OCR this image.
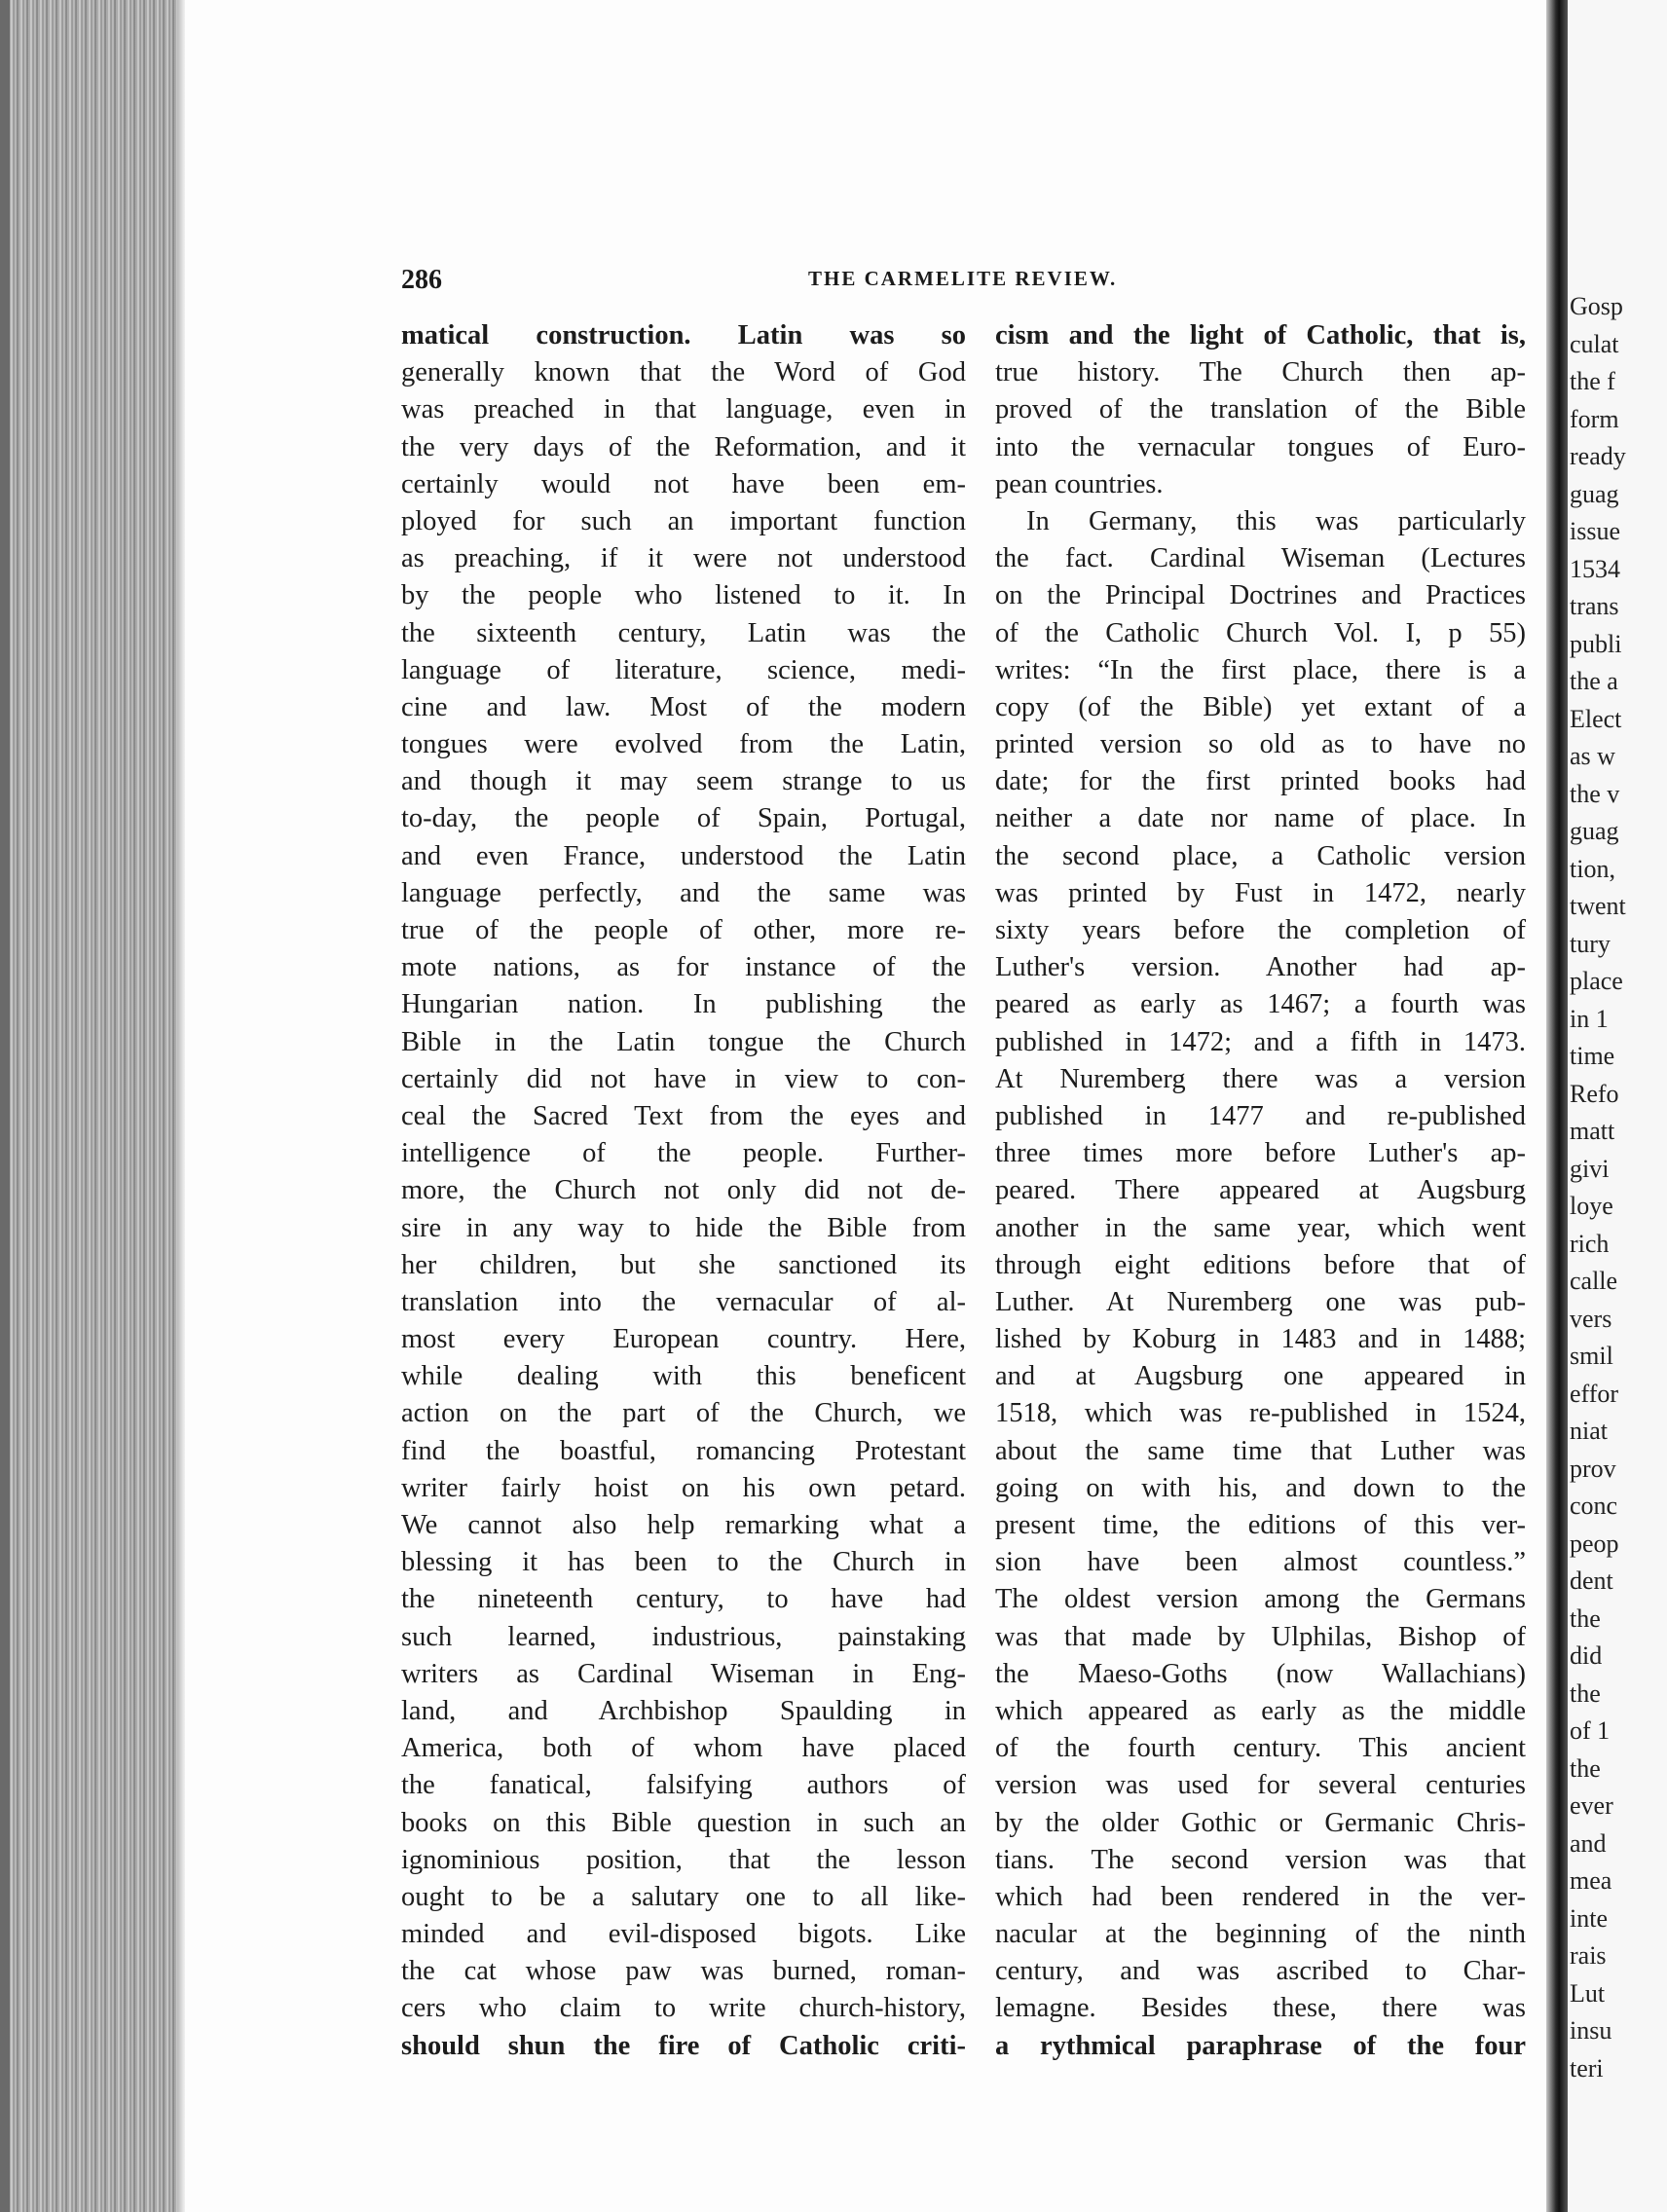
Gosp
culat
the f
form
ready
guag
issue
1534
trans
publi
the a
Elect
as w
the v
guag
tion,
twent
tury
place
in 1
time
Refo
matt
givi
loye
rich
calle
vers
smil
effor
niat
prov
conc
peop
dent
the
did
the
of 1
the
ever
and
mea
inte
rais
Lut
insu
teri
286	THE CARMELITE REVIEW.
matical construction. Latin was so
generally known that the Word of God
was preached in that language, even in
the very days of the Reformation, and it
certainly would not have been em-
ployed for such an important function
as preaching, if it were not understood
by the people who listened to it. In
the sixteenth century, Latin was the
language of literature, science, medi-
cine and law. Most of the modern
tongues were evolved from the Latin,
and though it may seem strange to us
to-day, the people of Spain, Portugal,
and even France, understood the Latin
language perfectly, and the same was
true of the people of other, more re-
mote nations, as for instance of the
Hungarian nation. In publishing the
Bible in the Latin tongue the Church
certainly did not have in view to con-
ceal the Sacred Text from the eyes and
intelligence of the people. Further-
more, the Church not only did not de-
sire in any way to hide the Bible from
her children, but she sanctioned its
translation into the vernacular of al-
most every European country. Here,
while dealing with this beneficent
action on the part of the Church, we
find the boastful, romancing Protestant
writer fairly hoist on his own petard.
We cannot also help remarking what a
blessing it has been to the Church in
the nineteenth century, to have had
such learned, industrious, painstaking
writers as Cardinal Wiseman in Eng-
land, and Archbishop Spaulding in
America, both of whom have placed
the fanatical, falsifying authors of
books on this Bible question in such an
ignominious position, that the lesson
ought to be a salutary one to all like-
minded and evil-disposed bigots. Like
the cat whose paw was burned, roman-
cers who claim to write church-history,
should shun the fire of Catholic criti-
cism and the light of Catholic, that is,
true history. The Church then ap-
proved of the translation of the Bible
into the vernacular tongues of Euro-
pean countries.
In Germany, this was particularly
the fact. Cardinal Wiseman (Lectures
on the Principal Doctrines and Practices
of the Catholic Church Vol. I, p 55)
writes: “In the first place, there is a
copy (of the Bible) yet extant of a
printed version so old as to have no
date; for the first printed books had
neither a date nor name of place. In
the second place, a Catholic version
was printed by Fust in 1472, nearly
sixty years before the completion of
Luther's version. Another had ap-
peared as early as 1467; a fourth was
published in 1472; and a fifth in 1473.
At Nuremberg there was a version
published in 1477 and re-published
three times more before Luther's ap-
peared. There appeared at Augsburg
another in the same year, which went
through eight editions before that of
Luther. At Nuremberg one was pub-
lished by Koburg in 1483 and in 1488;
and at Augsburg one appeared in
1518, which was re-published in 1524,
about the same time that Luther was
going on with his, and down to the
present time, the editions of this ver-
sion have been almost countless.”
The oldest version among the Germans
was that made by Ulphilas, Bishop of
the Maeso-Goths (now Wallachians)
which appeared as early as the middle
of the fourth century. This ancient
version was used for several centuries
by the older Gothic or Germanic Chris-
tians. The second version was that
which had been rendered in the ver-
nacular at the beginning of the ninth
century, and was ascribed to Char-
lemagne. Besides these, there was
a rythmical paraphrase of the four
